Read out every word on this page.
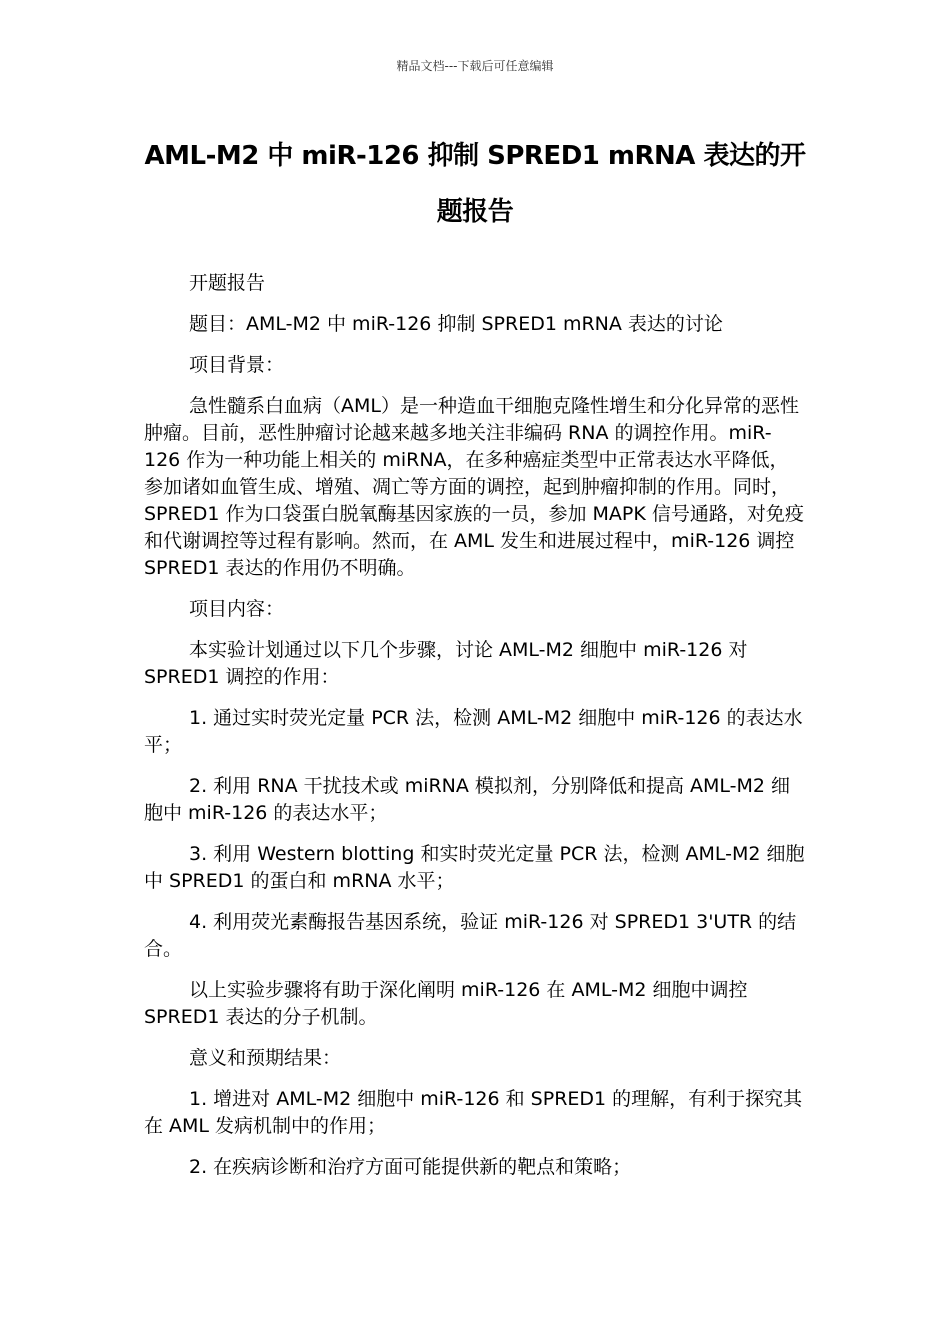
精品文档---下载后可任意编辑
AML-M2 中 miR-126 抑制 SPRED1 mRNA 表达的开题报告

开题报告

题目：AML-M2 中 miR-126 抑制 SPRED1 mRNA 表达的讨论

项目背景：

急性髓系白血病（AML）是一种造血干细胞克隆性增生和分化异常的恶性肿瘤。目前，恶性肿瘤讨论越来越多地关注非编码 RNA 的调控作用。miR-126 作为一种功能上相关的 miRNA，在多种癌症类型中正常表达水平降低，参加诸如血管生成、增殖、凋亡等方面的调控，起到肿瘤抑制的作用。同时，SPRED1 作为口袋蛋白脱氧酶基因家族的一员，参加 MAPK 信号通路，对免疫和代谢调控等过程有影响。然而，在 AML 发生和进展过程中，miR-126 调控 SPRED1 表达的作用仍不明确。

项目内容：

本实验计划通过以下几个步骤，讨论 AML-M2 细胞中 miR-126 对 SPRED1 调控的作用：

1. 通过实时荧光定量 PCR 法，检测 AML-M2 细胞中 miR-126 的表达水平；

2. 利用 RNA 干扰技术或 miRNA 模拟剂，分别降低和提高 AML-M2 细胞中 miR-126 的表达水平；

3. 利用 Western blotting 和实时荧光定量 PCR 法，检测 AML-M2 细胞中 SPRED1 的蛋白和 mRNA 水平；

4. 利用荧光素酶报告基因系统，验证 miR-126 对 SPRED1 3'UTR 的结合。

以上实验步骤将有助于深化阐明 miR-126 在 AML-M2 细胞中调控 SPRED1 表达的分子机制。

意义和预期结果：

1. 增进对 AML-M2 细胞中 miR-126 和 SPRED1 的理解，有利于探究其在 AML 发病机制中的作用；

2. 在疾病诊断和治疗方面可能提供新的靶点和策略；
